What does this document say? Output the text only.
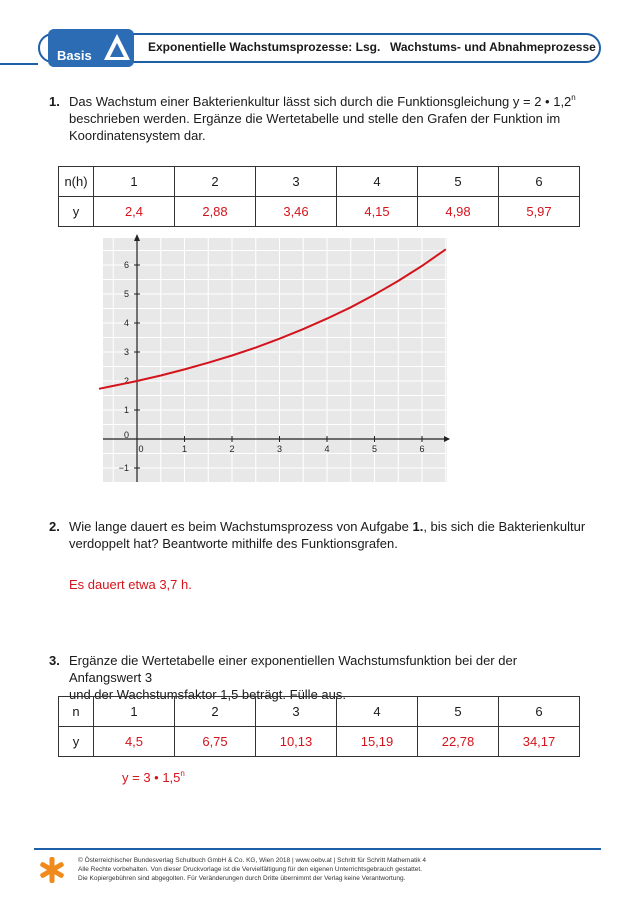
Basis
Exponentielle Wachstumsprozesse: Lsg. Wachstums- und Abnahmeprozesse
1. Das Wachstum einer Bakterienkultur lässt sich durch die Funktionsgleichung y = 2 • 1,2$^n$
beschrieben werden. Ergänze die Wertetabelle und stelle den Grafen der Funktion im
Koordinatensystem dar.
n(h)	1	2	3	4	5	6
y	2,4	2,88	3,46	4,15	4,98	5,97
0	1	2	3	4	5	6
−1
0
1
2
3
4
5
6
2. Wie lange dauert es beim Wachstumsprozess von Aufgabe 1., bis sich die Bakterienkultur
verdoppelt hat? Beantworte mithilfe des Funktionsgrafen.
Es dauert etwa 3,7 h.
3. Ergänze die Wertetabelle einer exponentiellen Wachstumsfunktion bei der der Anfangswert 3
und der Wachstumsfaktor 1,5 beträgt. Fülle aus.
n	1	2	3	4	5	6
y	4,5	6,75	10,13	15,19	22,78	34,17
y = 3 • 1,5$^n$
© Österreichischer Bundesverlag Schulbuch GmbH & Co. KG, Wien 2018 | www.oebv.at | Schritt für Schritt Mathematik 4
Alle Rechte vorbehalten. Von dieser Druckvorlage ist die Vervielfältigung für den eigenen Unterrichtsgebrauch gestattet.
Die Kopiergebühren sind abgegolten. Für Veränderungen durch Dritte übernimmt der Verlag keine Verantwortung.
